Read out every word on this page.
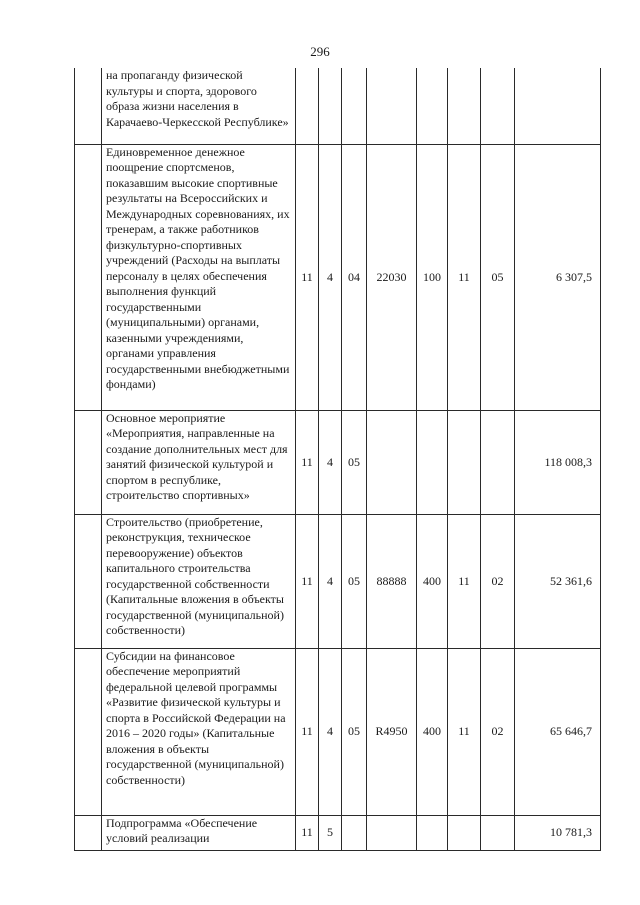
296
	на пропаганду физической культуры и спорта, здорового образа жизни населения в Карачаево-Черкесской Республике»								
	Единовременное денежное поощрение спортсменов, показавшим высокие спортивные результаты на Всероссийских и Международных соревнованиях, их тренерам, а также работников физкультурно-спортивных учреждений (Расходы на выплаты персоналу в целях обеспечения выполнения функций государственными (муниципальными) органами, казенными учреждениями, органами управления государственными внебюджетными фондами)	11	4	04	22030	100	11	05	6 307,5
	Основное мероприятие «Мероприятия, направленные на создание дополнительных мест для занятий физической культурой и спортом в республике, строительство спортивных»	11	4	05					118 008,3
	Строительство (приобретение, реконструкция, техническое перевооружение) объектов капитального строительства государственной собственности (Капитальные вложения в объекты государственной (муниципальной) собственности)	11	4	05	88888	400	11	02	52 361,6
	Субсидии на финансовое обеспечение мероприятий федеральной целевой программы «Развитие физической культуры и спорта в Российской Федерации на 2016 – 2020 годы» (Капитальные вложения в объекты государственной (муниципальной) собственности)	11	4	05	R4950	400	11	02	65 646,7
	Подпрограмма «Обеспечение условий реализации	11	5						10 781,3
